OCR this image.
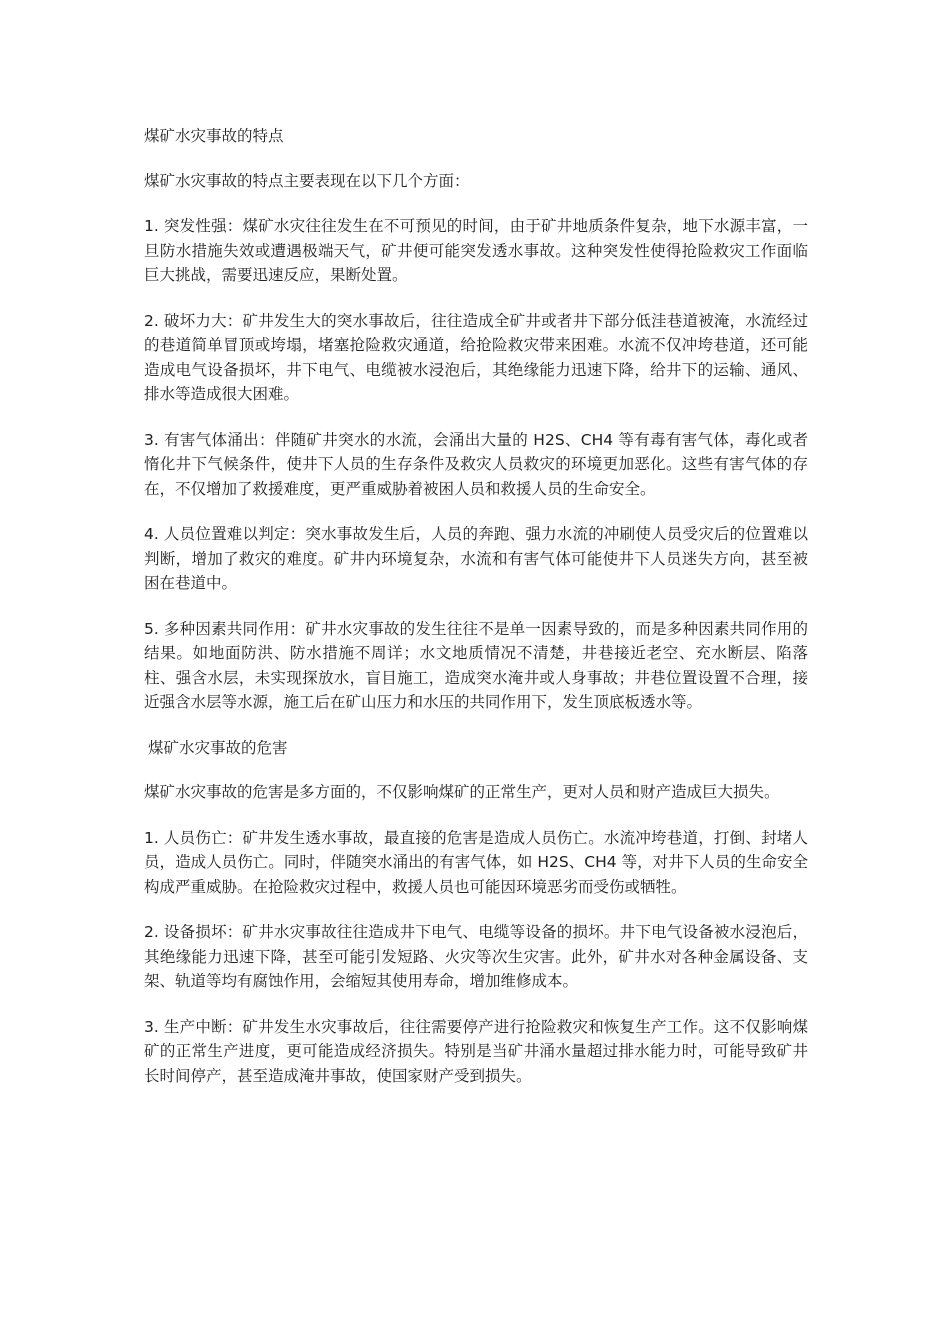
煤矿水灾事故的特点

煤矿水灾事故的特点主要表现在以下几个方面：

1. 突发性强：煤矿水灾往往发生在不可预见的时间，由于矿井地质条件复杂，地下水源丰富，一旦防水措施失效或遭遇极端天气，矿井便可能突发透水事故。这种突发性使得抢险救灾工作面临巨大挑战，需要迅速反应，果断处置。

2. 破坏力大：矿井发生大的突水事故后，往往造成全矿井或者井下部分低洼巷道被淹，水流经过的巷道简单冒顶或垮塌，堵塞抢险救灾通道，给抢险救灾带来困难。水流不仅冲垮巷道，还可能造成电气设备损坏，井下电气、电缆被水浸泡后，其绝缘能力迅速下降，给井下的运输、通风、排水等造成很大困难。

3. 有害气体涌出：伴随矿井突水的水流，会涌出大量的 H2S、CH4 等有毒有害气体，毒化或者惰化井下气候条件，使井下人员的生存条件及救灾人员救灾的环境更加恶化。这些有害气体的存在，不仅增加了救援难度，更严重威胁着被困人员和救援人员的生命安全。

4. 人员位置难以判定：突水事故发生后，人员的奔跑、强力水流的冲刷使人员受灾后的位置难以判断，增加了救灾的难度。矿井内环境复杂，水流和有害气体可能使井下人员迷失方向，甚至被困在巷道中。

5. 多种因素共同作用：矿井水灾事故的发生往往不是单一因素导致的，而是多种因素共同作用的结果。如地面防洪、防水措施不周详；水文地质情况不清楚，井巷接近老空、充水断层、陷落柱、强含水层，未实现探放水，盲目施工，造成突水淹井或人身事故；井巷位置设置不合理，接近强含水层等水源，施工后在矿山压力和水压的共同作用下，发生顶底板透水等。

煤矿水灾事故的危害

煤矿水灾事故的危害是多方面的，不仅影响煤矿的正常生产，更对人员和财产造成巨大损失。

1. 人员伤亡：矿井发生透水事故，最直接的危害是造成人员伤亡。水流冲垮巷道，打倒、封堵人员，造成人员伤亡。同时，伴随突水涌出的有害气体，如 H2S、CH4 等，对井下人员的生命安全构成严重威胁。在抢险救灾过程中，救援人员也可能因环境恶劣而受伤或牺牲。

2. 设备损坏：矿井水灾事故往往造成井下电气、电缆等设备的损坏。井下电气设备被水浸泡后，其绝缘能力迅速下降，甚至可能引发短路、火灾等次生灾害。此外，矿井水对各种金属设备、支架、轨道等均有腐蚀作用，会缩短其使用寿命，增加维修成本。

3. 生产中断：矿井发生水灾事故后，往往需要停产进行抢险救灾和恢复生产工作。这不仅影响煤矿的正常生产进度，更可能造成经济损失。特别是当矿井涌水量超过排水能力时，可能导致矿井长时间停产，甚至造成淹井事故，使国家财产受到损失。
